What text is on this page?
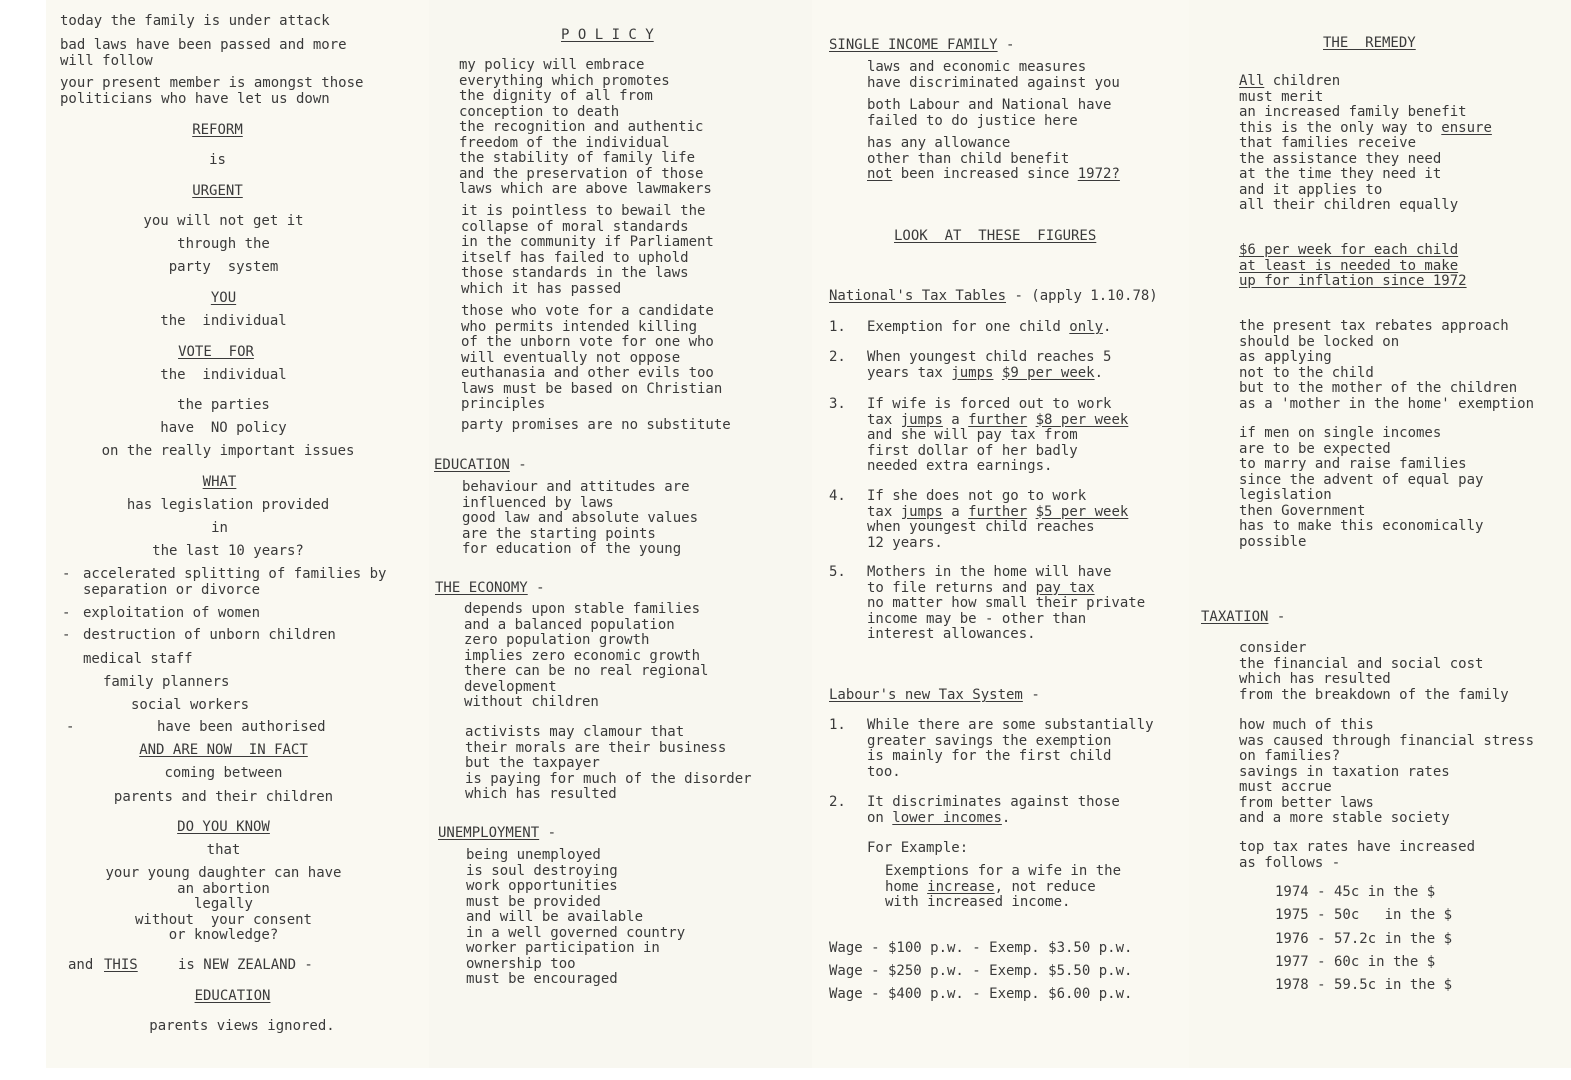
today the family is under attack

bad laws have been passed and more
will follow

your present member is amongst those
politicians who have let us down

REFORM

is

URGENT

you will not get it

through the

party  system

YOU

the  individual

VOTE  FOR

the  individual

the parties

have  NO policy

on the really important issues

WHAT

has legislation provided

in

the last 10 years?

- accelerated splitting of families by
separation or divorce

- exploitation of women

- destruction of unborn children

medical staff

family planners

social workers

-	have been authorised

AND ARE NOW  IN FACT

coming between

parents and their children

DO YOU KNOW

that

your young daughter can have
an abortion
legally
without  your consent
or knowledge?

and THIS	is NEW ZEALAND -

EDUCATION

parents views ignored.

P O L I C Y

my policy will embrace
everything which promotes
the dignity of all from
conception to death
the recognition and authentic
freedom of the individual
the stability of family life
and the preservation of those
laws which are above lawmakers

it is pointless to bewail the
collapse of moral standards
in the community if Parliament
itself has failed to uphold
those standards in the laws
which it has passed

those who vote for a candidate
who permits intended killing
of the unborn vote for one who
will eventually not oppose
euthanasia and other evils too
laws must be based on Christian
principles

party promises are no substitute

EDUCATION -

behaviour and attitudes are
influenced by laws
good law and absolute values
are the starting points
for education of the young

THE ECONOMY -

depends upon stable families
and a balanced population
zero population growth
implies zero economic growth
there can be no real regional
development
without children

activists may clamour that
their morals are their business
but the taxpayer
is paying for much of the disorder
which has resulted

UNEMPLOYMENT -

being unemployed
is soul destroying
work opportunities
must be provided
and will be available
in a well governed country
worker participation in
ownership too
must be encouraged

SINGLE INCOME FAMILY -

laws and economic measures
have discriminated against you

both Labour and National have
failed to do justice here

has any allowance
other than child benefit
not been increased since 1972?

LOOK  AT  THESE  FIGURES

National's Tax Tables - (apply 1.10.78)

1. Exemption for one child only.

2. When youngest child reaches 5
years tax jumps $9 per week.

3. If wife is forced out to work
tax jumps a further $8 per week
and she will pay tax from
first dollar of her badly
needed extra earnings.

4. If she does not go to work
tax jumps a further $5 per week
when youngest child reaches
12 years.

5. Mothers in the home will have
to file returns and pay tax
no matter how small their private
income may be - other than
interest allowances.

Labour's new Tax System -

1. While there are some substantially
greater savings the exemption
is mainly for the first child
too.

2. It discriminates against those
on lower incomes.

For Example:

Exemptions for a wife in the
home increase, not reduce
with increased income.

Wage - $100 p.w. - Exemp. $3.50 p.w.

Wage - $250 p.w. - Exemp. $5.50 p.w.

Wage - $400 p.w. - Exemp. $6.00 p.w.

THE  REMEDY

All children
must merit
an increased family benefit
this is the only way to ensure
that families receive
the assistance they need
at the time they need it
and it applies to
all their children equally

$6 per week for each child
at least is needed to make
up for inflation since 1972

the present tax rebates approach
should be locked on
as applying
not to the child
but to the mother of the children
as a 'mother in the home' exemption

if men on single incomes
are to be expected
to marry and raise families
since the advent of equal pay
legislation
then Government
has to make this economically
possible

TAXATION -

consider
the financial and social cost
which has resulted
from the breakdown of the family

how much of this
was caused through financial stress
on families?
savings in taxation rates
must accrue
from better laws
and a more stable society

top tax rates have increased
as follows -

1974 - 45c in the $

1975 - 50c   in the $

1976 - 57.2c in the $

1977 - 60c in the $

1978 - 59.5c in the $
